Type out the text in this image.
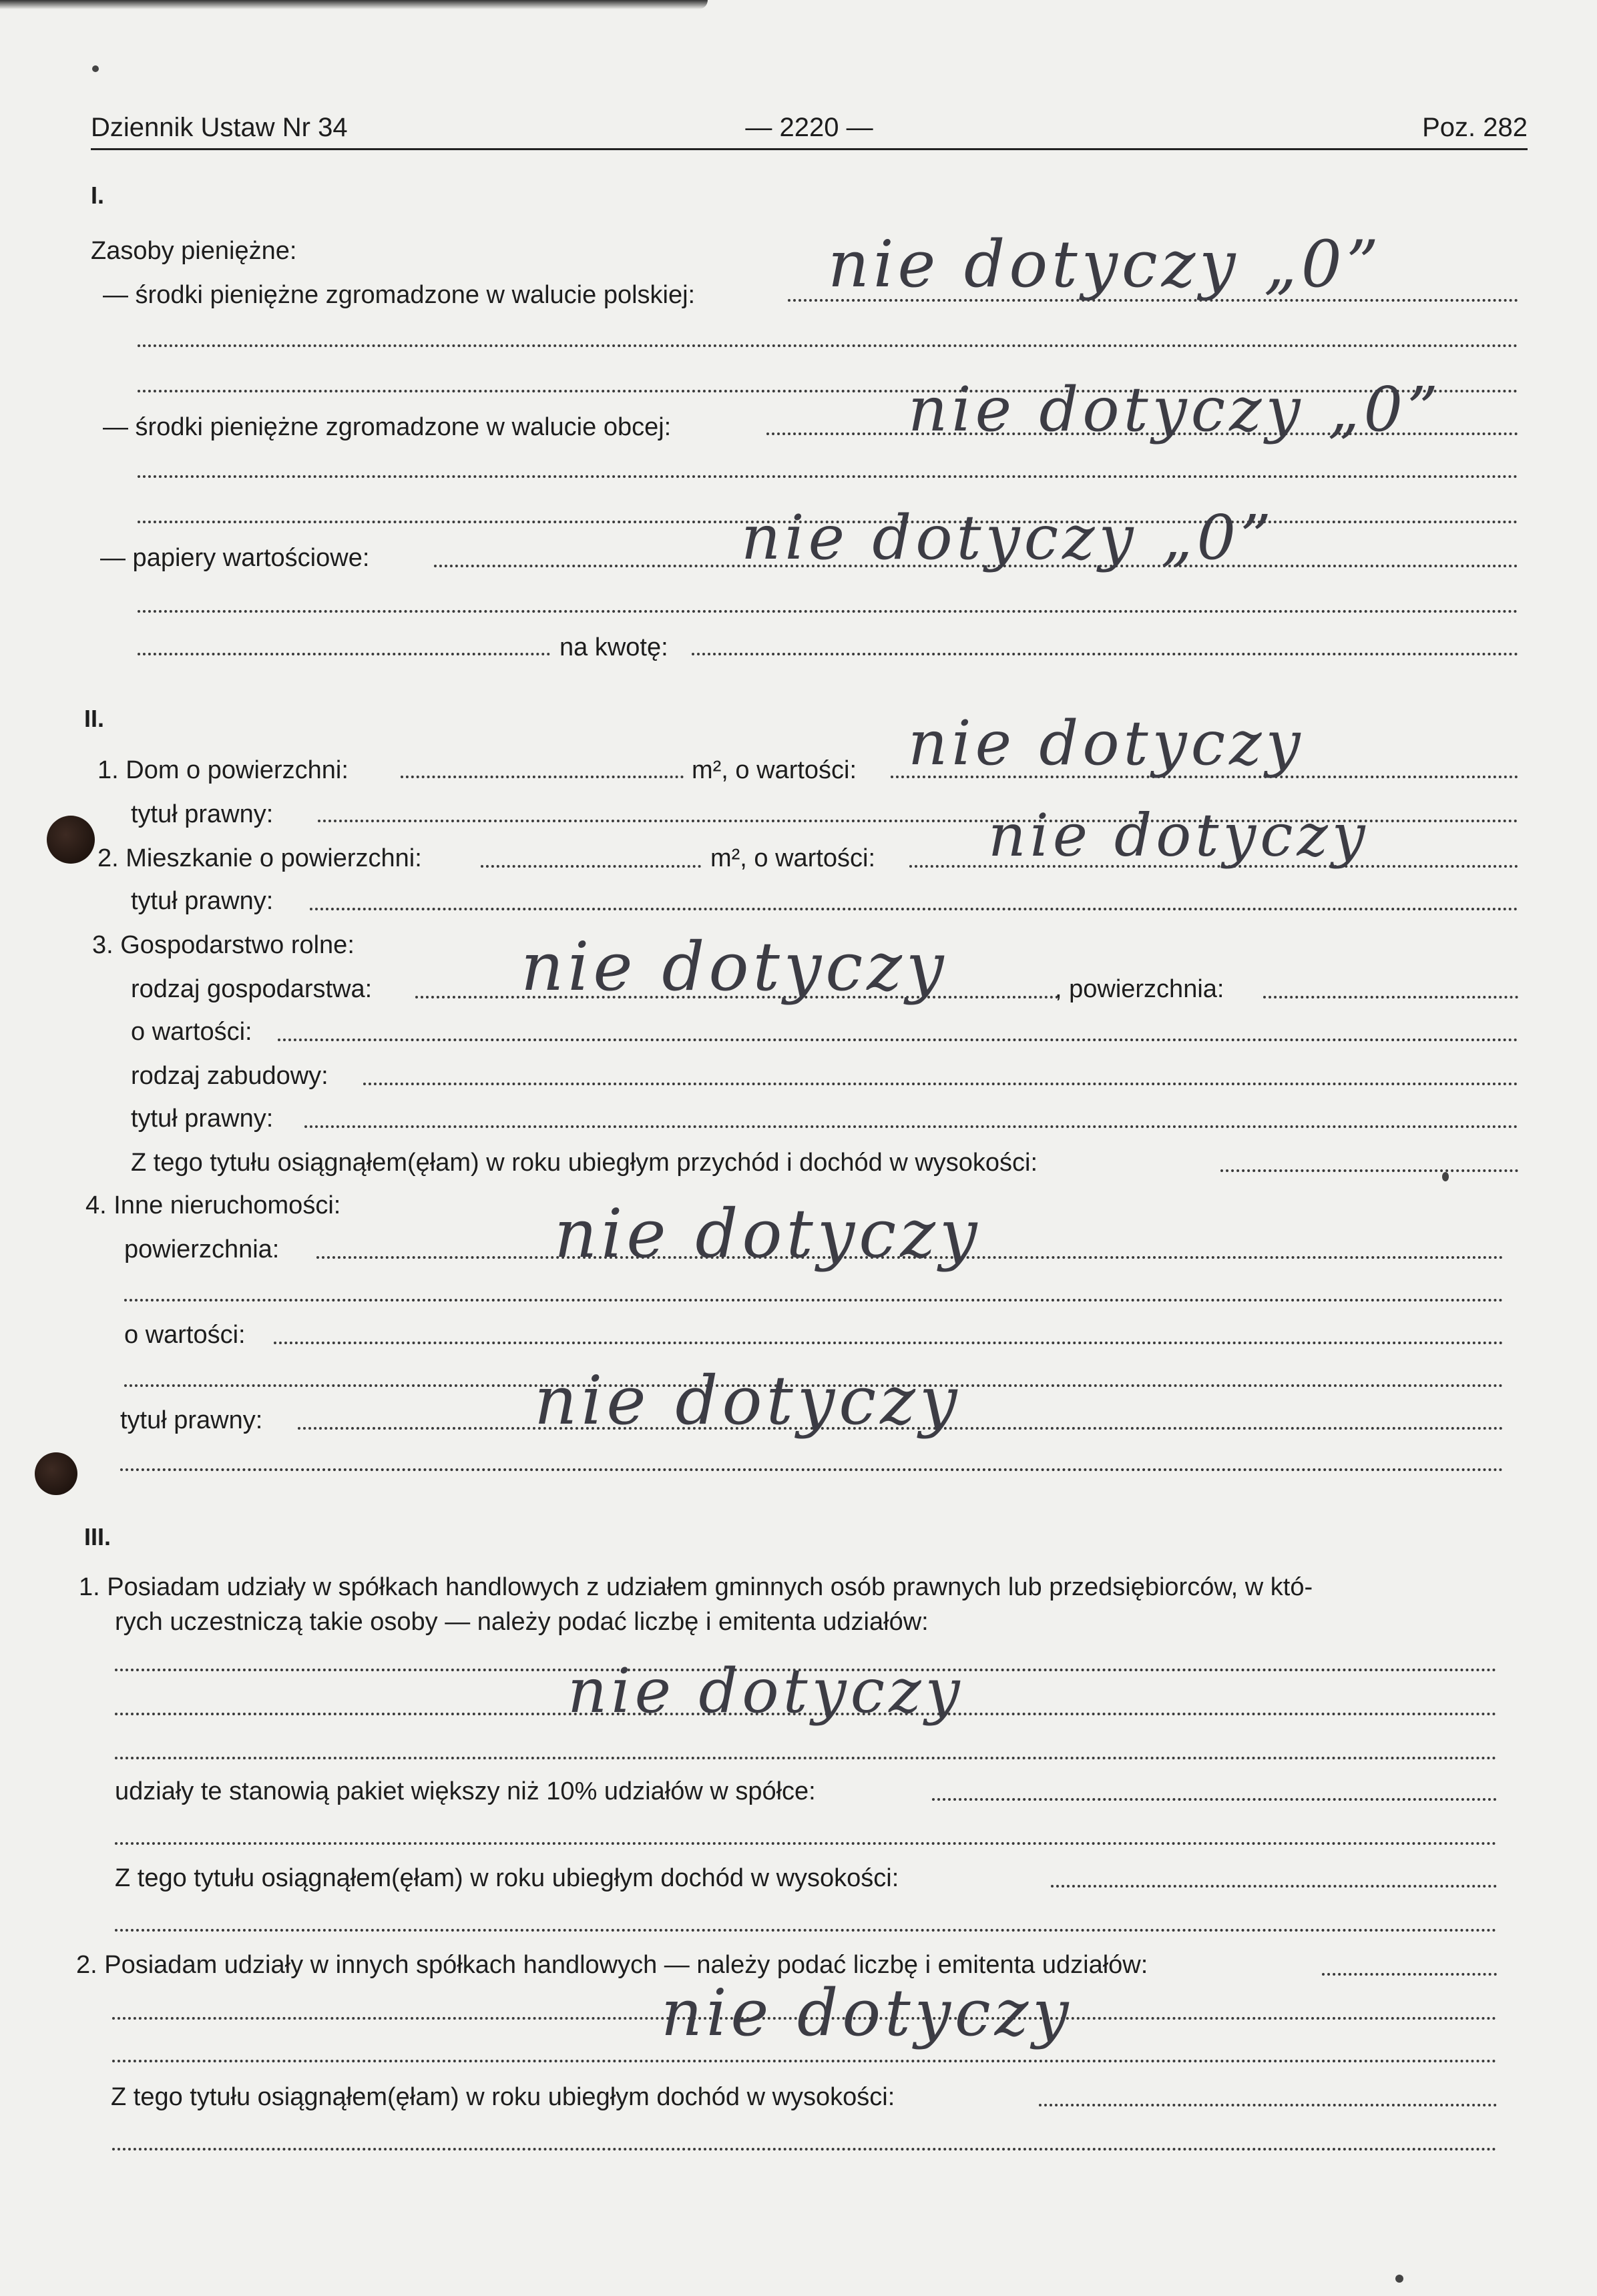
Dziennik Ustaw Nr 34	— 2220 —	Poz. 282
I.
Zasoby pieniężne:
— środki pieniężne zgromadzone w walucie polskiej: nie dotyczy „0”
— środki pieniężne zgromadzone w walucie obcej:	nie dotyczy „0”
— papiery wartościowe:	nie dotyczy „0”
na kwotę:
II.
1. Dom o powierzchni:	m², o wartości: nie dotyczy
tytuł prawny:
2. Mieszkanie o powierzchni:	m², o wartości: nie dotyczy
tytuł prawny:
3. Gospodarstwo rolne:
rodzaj gospodarstwa:	, powierzchnia:
nie dotyczy
o wartości:
rodzaj zabudowy:
tytuł prawny:
Z tego tytułu osiągnąłem(ęłam) w roku ubiegłym przychód i dochód w wysokości:
4. Inne nieruchomości:
powierzchnia:	nie dotyczy
o wartości:
tytuł prawny:	nie dotyczy
III.
1. Posiadam udziały w spółkach handlowych z udziałem gminnych osób prawnych lub przedsiębiorców, w któ-
rych uczestniczą takie osoby — należy podać liczbę i emitenta udziałów:
nie dotyczy
udziały te stanowią pakiet większy niż 10% udziałów w spółce:
Z tego tytułu osiągnąłem(ęłam) w roku ubiegłym dochód w wysokości:
2. Posiadam udziały w innych spółkach handlowych — należy podać liczbę i emitenta udziałów:
nie dotyczy
Z tego tytułu osiągnąłem(ęłam) w roku ubiegłym dochód w wysokości:
